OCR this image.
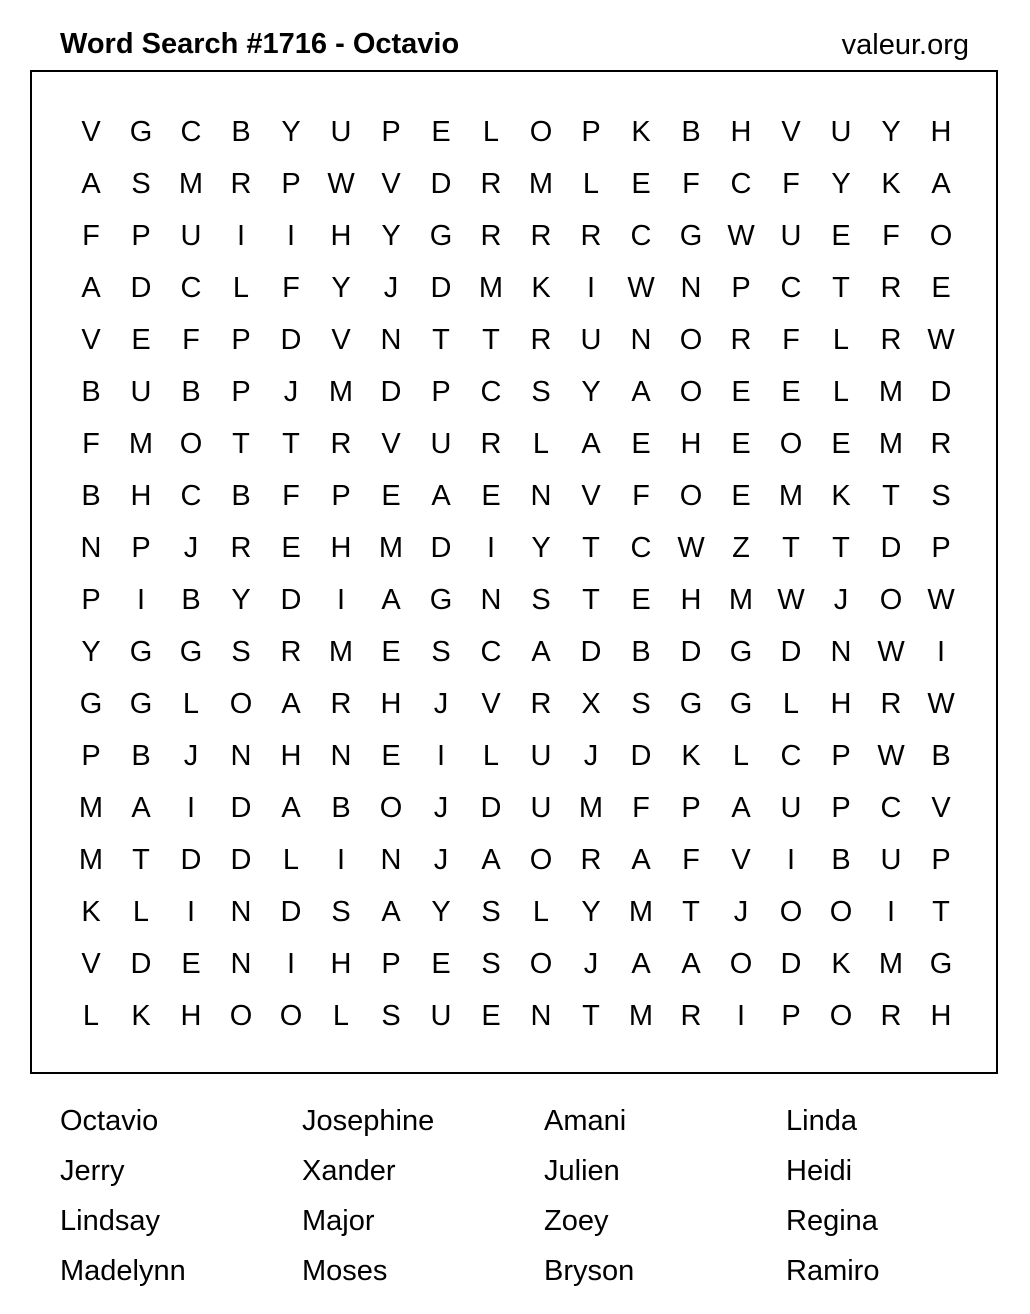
Word Search #1716 - Octavio	valeur.org
V	G C	B	Y	U	P	E	L	O	P	K	B	H	V	U	Y	H
A	S M R	P W V	D	R M	L	E	F	C	F	Y	K	A
F	P	U	I	I	H	Y	G R	R	R	C G W U	E	F	O
A	D	C	L	F	Y	J	D M K	I	W N	P	C	T	R	E
V	E	F	P	D	V	N	T	T	R	U	N O R	F	L	R W
B	U	B	P	J	M D	P	C	S	Y	A	O	E	E	L	M D
F	M O	T	T	R	V	U	R	L	A	E	H	E	O	E M R
B	H	C	B	F	P	E	A	E	N	V	F	O	E M K	T	S
N	P	J	R	E	H M D	I	Y	T	C W Z	T	T	D	P
P	I	B	Y	D	I	A	G N	S	T	E	H M W	J	O W
Y	G G	S	R M E	S	C	A	D	B	D G D	N W	I
G G	L	O	A	R	H	J	V	R	X	S	G G	L	H	R W
P	B	J	N	H	N	E	I	L	U	J	D	K	L	C	P W B
M A	I	D	A	B	O	J	D	U M	F	P	A	U	P	C	V
M	T	D	D	L	I	N	J	A	O R	A	F	V	I	B	U	P
K	L	I	N	D	S	A	Y	S	L	Y M	T	J	O O	I	T
V	D	E	N	I	H	P	E	S	O	J	A	A	O D	K M G
L	K	H O O	L	S	U	E	N	T	M R	I	P	O R	H
Octavio	Josephine	Amani	Linda
Jerry	Xander	Julien	Heidi
Lindsay	Major	Zoey	Regina
Madelynn	Moses	Bryson	Ramiro
